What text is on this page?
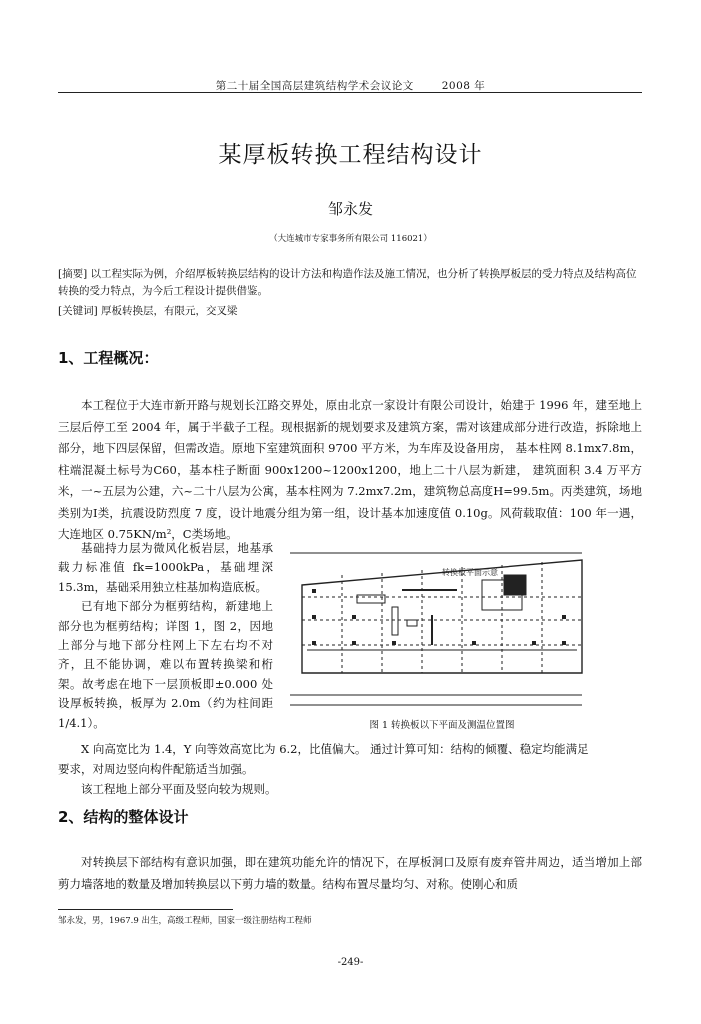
第二十届全国高层建筑结构学术会议论文	2008 年
某厚板转换工程结构设计
邹永发
（大连城市专家事务所有限公司 116021）
[摘要] 以工程实际为例，介绍厚板转换层结构的设计方法和构造作法及施工情况，也分析了转换厚板层的受力特点及结构高位转换的受力特点，为今后工程设计提供借鉴。
[关键词] 厚板转换层，有限元，交叉梁
1、工程概况：

本工程位于大连市新开路与规划长江路交界处，原由北京一家设计有限公司设计，始建于 1996 年，建至地上三层后停工至 2004 年，属于半截子工程。现根据新的规划要求及建筑方案，需对该建成部分进行改造，拆除地上部分，地下四层保留，但需改造。原地下室建筑面积 9700 平方米，为车库及设备用房， 基本柱网 8.1mx7.8m，柱端混凝土标号为C60，基本柱子断面 900x1200~1200x1200，地上二十八层为新建， 建筑面积 3.4 万平方米，一~五层为公建，六~二十八层为公寓，基本柱网为 7.2mx7.2m，建筑物总高度H=99.5m。丙类建筑，场地类别为Ⅰ类，抗震设防烈度 7 度，设计地震分组为第一组，设计基本加速度值 0.10g。风荷载取值：100 年一遇，大连地区 0.75KN/m²，C类场地。

基础持力层为微风化板岩层，地基承载力标准值 fk=1000kPa，基础埋深 15.3m，基础采用独立柱基加构造底板。

已有地下部分为框剪结构，新建地上部分也为框剪结构；详图 1，图 2，因地上部分与地下部分柱网上下左右均不对齐，且不能协调，难以布置转换梁和桁架。故考虑在地下一层顶板即±0.000 处设厚板转换，板厚为 2.0m（约为柱间距 1/4.1）。

转换板平面示意
图 1 转换板以下平面及测温位置图

X 向高宽比为 1.4，Y 向等效高宽比为 6.2，比值偏大。 通过计算可知：结构的倾覆、稳定均能满足

要求，对周边竖向构件配筋适当加强。

该工程地上部分平面及竖向较为规则。

2、结构的整体设计

对转换层下部结构有意识加强，即在建筑功能允许的情况下，在厚板洞口及原有废弃管井周边，适当增加上部剪力墙落地的数量及增加转换层以下剪力墙的数量。结构布置尽量均匀、对称。使刚心和质

邹永发，男，1967.9 出生，高级工程师，国家一级注册结构工程师
-249-
